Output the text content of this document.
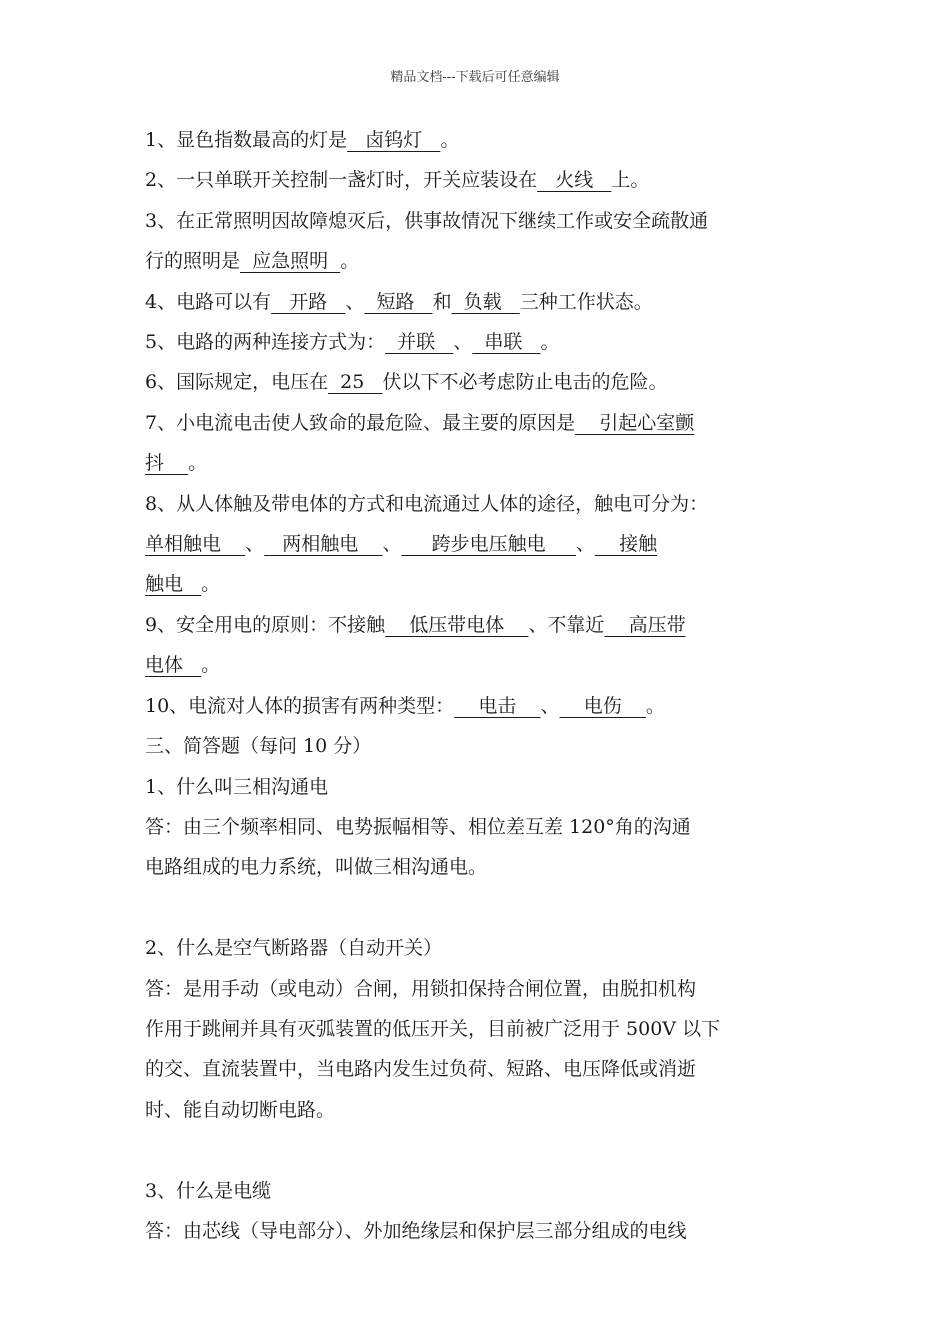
精品文档---下载后可任意编辑

1、显色指数最高的灯是   卤钨灯   。

2、一只单联开关控制一盏灯时，开关应装设在   火线   上。

3、在正常照明因故障熄灭后，供事故情况下继续工作或安全疏散通

行的照明是  应急照明  。

4、电路可以有   开路   、  短路   和  负载   三种工作状态。

5、电路的两种连接方式为：  并联   、  串联   。

6、国际规定，电压在  25   伏以下不必考虑防止电击的危险。

7、小电流电击使人致命的最危险、最主要的原因是    引起心室颤

抖    。

8、从人体触及带电体的方式和电流通过人体的途径，触电可分为：

单相触电    、   两相触电    、     跨步电压触电     、    接触

触电   。

9、安全用电的原则：不接触    低压带电体    、不靠近    高压带

电体   。

10、电流对人体的损害有两种类型：    电击    、    电伤    。

三、简答题（每问 10 分）

1、什么叫三相沟通电

答：由三个频率相同、电势振幅相等、相位差互差 120°角的沟通

电路组成的电力系统，叫做三相沟通电。

2、什么是空气断路器（自动开关）

答：是用手动（或电动）合闸，用锁扣保持合闸位置，由脱扣机构

作用于跳闸并具有灭弧装置的低压开关，目前被广泛用于 500V 以下

的交、直流装置中，当电路内发生过负荷、短路、电压降低或消逝

时、能自动切断电路。

3、什么是电缆

答：由芯线（导电部分）、外加绝缘层和保护层三部分组成的电线
